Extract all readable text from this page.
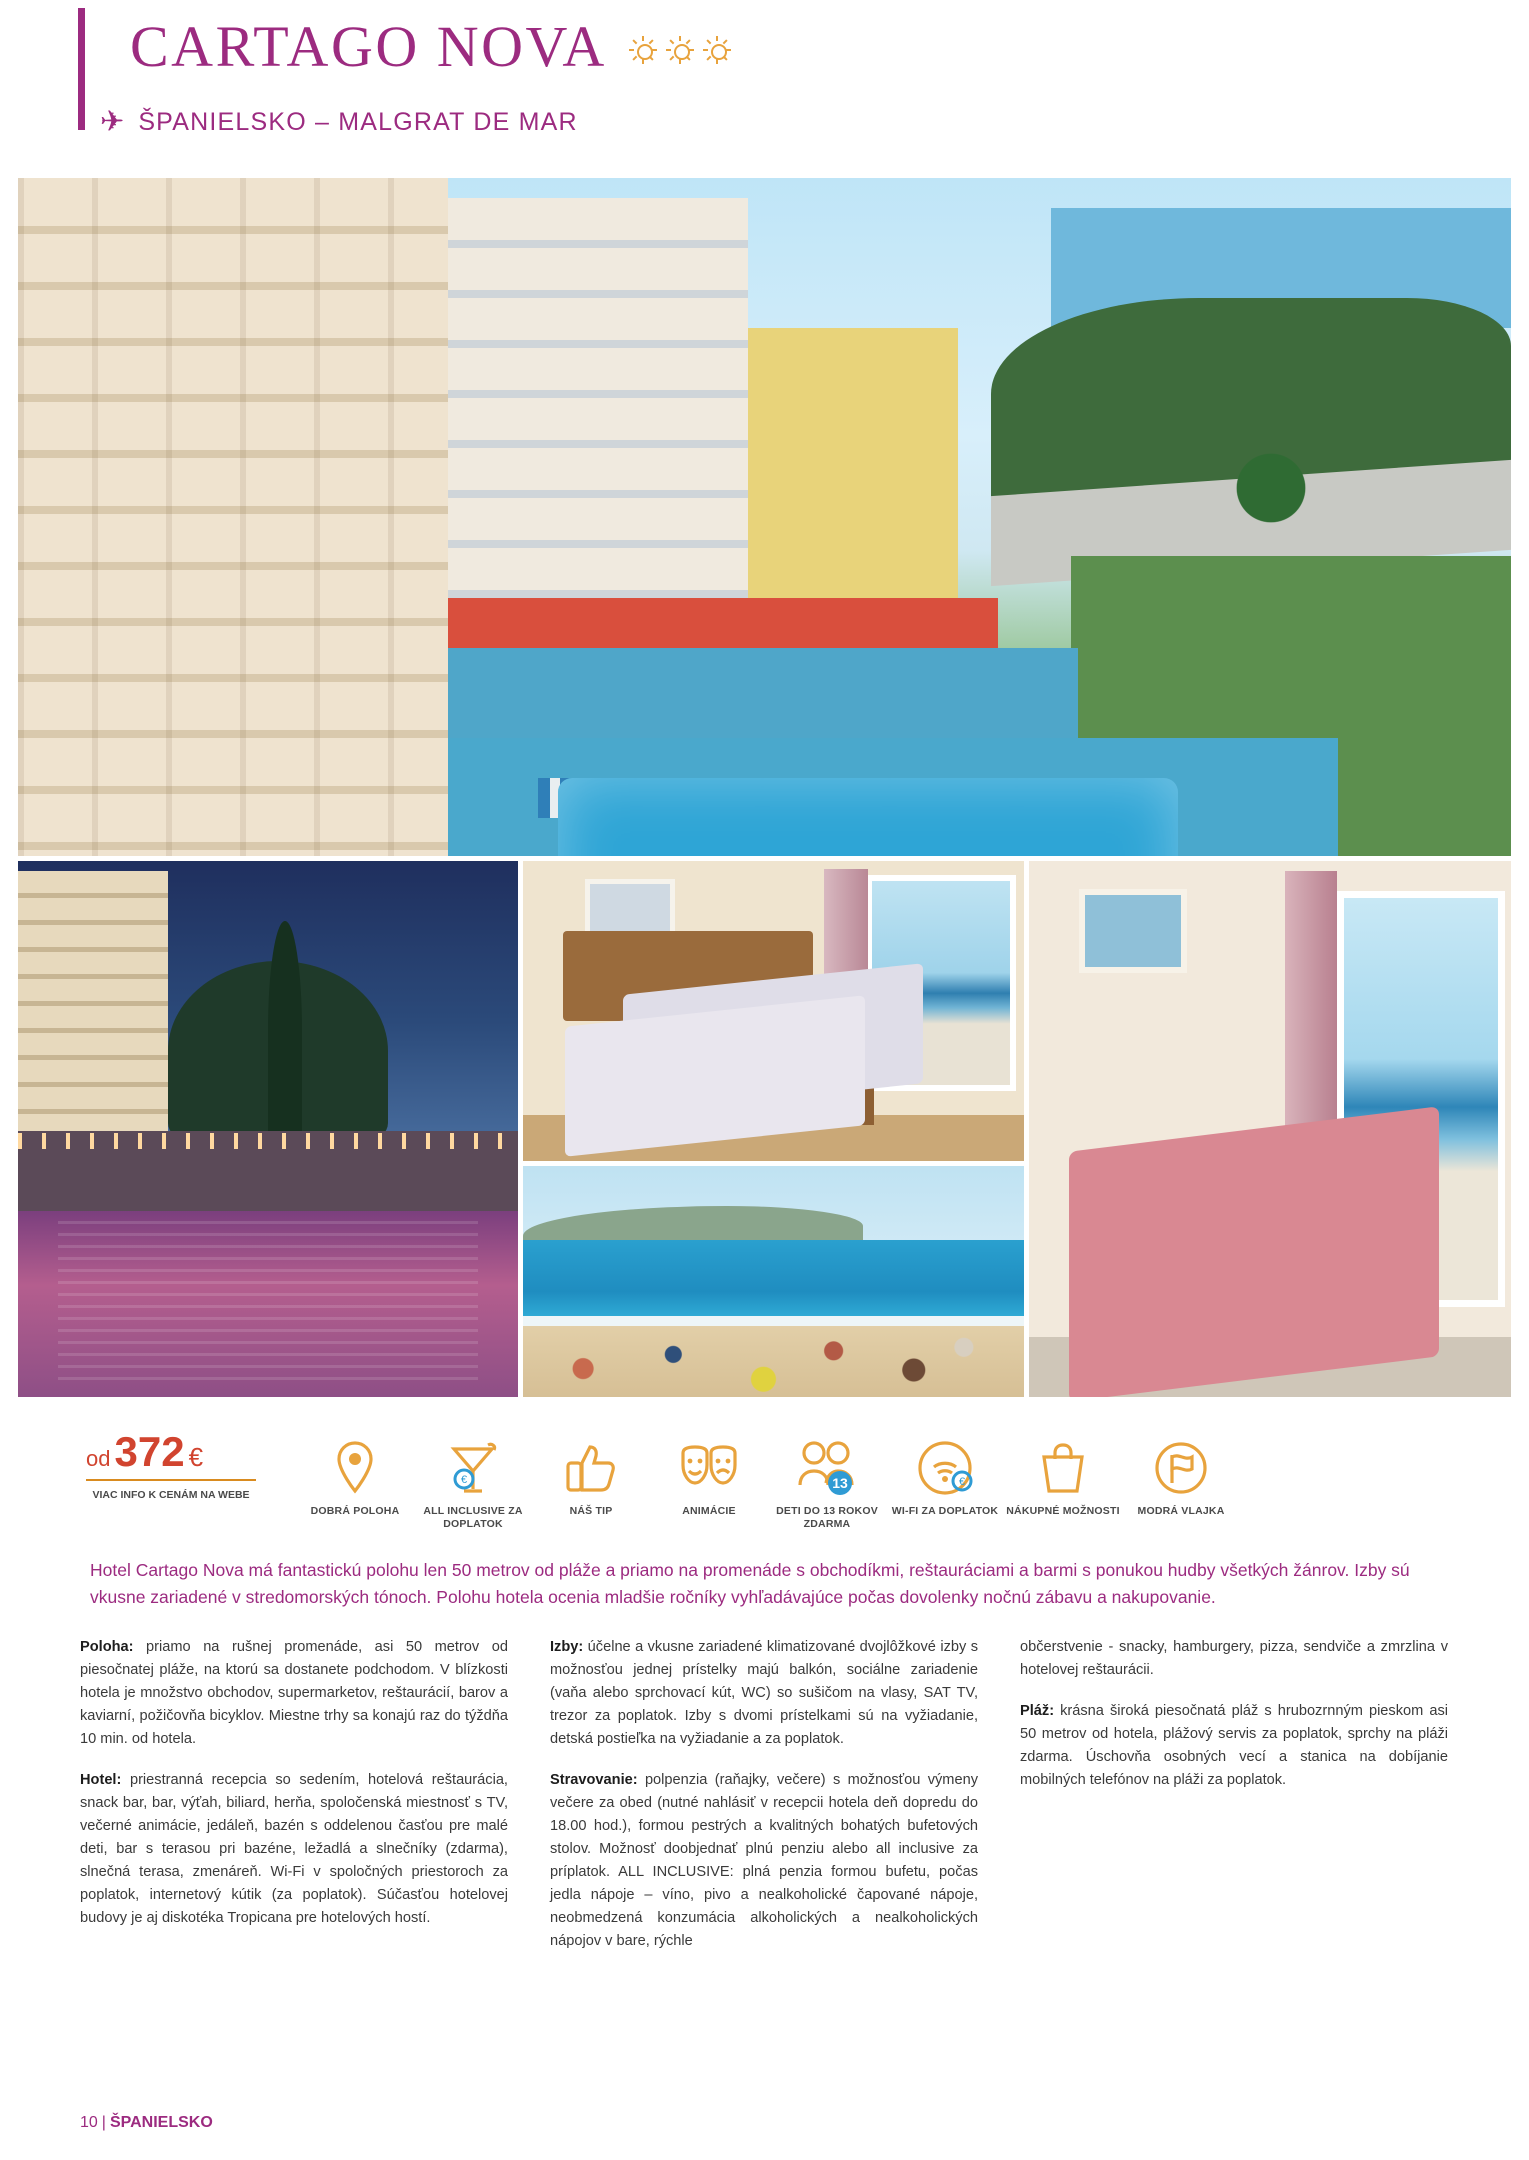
CARTAGO NOVA
✈ ŠPANIELSKO – MALGRAT DE MAR
od 372 €
VIAC INFO K CENÁM NA WEBE
DOBRÁ POLOHA
€
ALL INCLUSIVE ZA DOPLATOK
NÁŠ TIP	ANIMÁCIE
13
DETI DO 13 ROKOV ZDARMA
€
WI-FI ZA DOPLATOK NÁKUPNÉ MOŽNOSTI	MODRÁ VLAJKA
Hotel Cartago Nova má fantastickú polohu len 50 metrov od pláže a priamo na promenáde s obchodíkmi, reštauráciami a barmi s ponukou hudby všetkých žánrov. Izby sú vkusne zariadené v stredomorských tónoch. Polohu hotela ocenia mladšie ročníky vyhľadávajúce počas dovolenky nočnú zábavu a nakupovanie.

Poloha: priamo na rušnej promenáde, asi 50 metrov od piesočnatej pláže, na ktorú sa dostanete podchodom. V blízkosti hotela je množstvo obchodov, supermarketov, reštaurácií, barov a kaviarní, požičovňa bicyklov. Miestne trhy sa konajú raz do týždňa 10 min. od hotela.

Hotel: priestranná recepcia so sedením, hotelová reštaurácia, snack bar, bar, výťah, biliard, herňa, spoločenská miestnosť s TV, večerné animácie, jedáleň, bazén s oddelenou časťou pre malé deti, bar s terasou pri bazéne, ležadlá a slnečníky (zdarma), slnečná terasa, zmenáreň. Wi-Fi v spoločných priestoroch za poplatok, internetový kútik (za poplatok). Súčasťou hotelovej budovy je aj diskotéka Tropicana pre hotelových hostí.

Izby: účelne a vkusne zariadené klimatizované dvojlôžkové izby s možnosťou jednej prístelky majú balkón, sociálne zariadenie (vaňa alebo sprchovací kút, WC) so sušičom na vlasy, SAT TV, trezor za poplatok. Izby s dvomi prístelkami sú na vyžiadanie, detská postieľka na vyžiadanie a za poplatok.

Stravovanie: polpenzia (raňajky, večere) s možnosťou výmeny večere za obed (nutné nahlásiť v recepcii hotela deň dopredu do 18.00 hod.), formou pestrých a kvalitných bohatých bufetových stolov. Možnosť doobjednať plnú penziu alebo all inclusive za príplatok. ALL INCLUSIVE: plná penzia formou bufetu, počas jedla nápoje – víno, pivo a nealkoholické čapované nápoje, neobmedzená konzumácia alkoholických a nealkoholických nápojov v bare, rýchle

občerstvenie - snacky, hamburgery, pizza, sendviče a zmrzlina v hotelovej reštaurácii.

Pláž: krásna široká piesočnatá pláž s hrubozrnným pieskom asi 50 metrov od hotela, plážový servis za poplatok, sprchy na pláži zdarma. Úschovňa osobných vecí a stanica na dobíjanie mobilných telefónov na pláži za poplatok.

10 | ŠPANIELSKO
